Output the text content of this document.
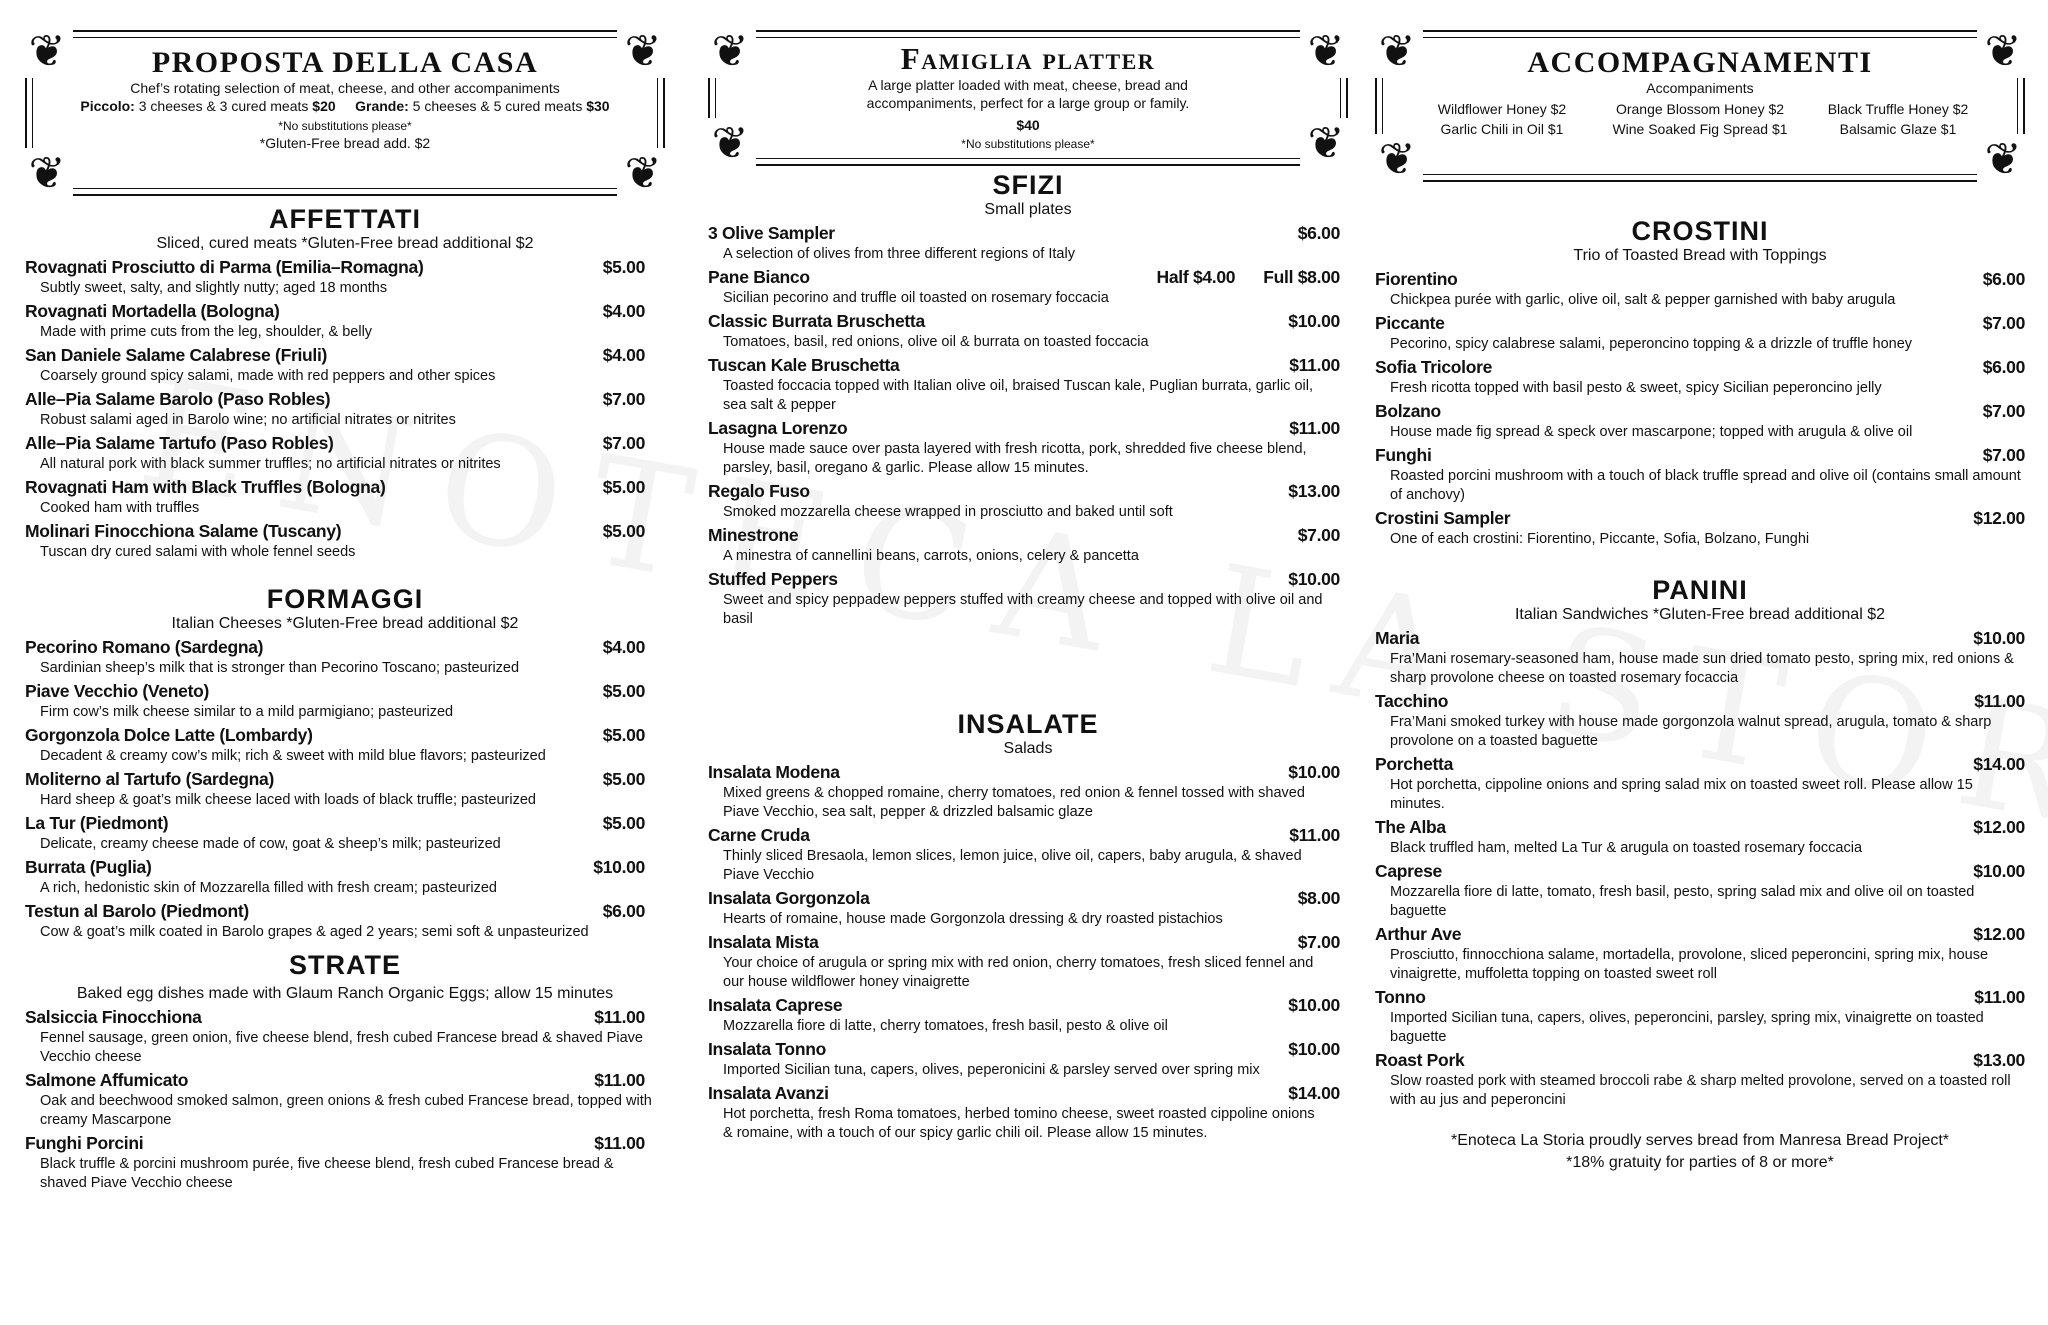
❦	❦
❦	❦
PROPOSTA DELLA CASA
Chef’s rotating selection of meat, cheese, and other accompaniments
Piccolo: 3 cheeses & 3 cured meats $20 Grande: 5 cheeses & 5 cured meats $30
*No substitutions please*
*Gluten-Free bread add. $2
AFFETTATI
Sliced, cured meats *Gluten-Free bread additional $2
Rovagnati Prosciutto di Parma (Emilia–Romagna)	$5.00
Subtly sweet, salty, and slightly nutty; aged 18 months
Rovagnati Mortadella (Bologna)	$4.00
Made with prime cuts from the leg, shoulder, & belly
San Daniele Salame Calabrese (Friuli)	$4.00
Coarsely ground spicy salami, made with red peppers and other spices
Alle–Pia Salame Barolo (Paso Robles)	$7.00
Robust salami aged in Barolo wine; no artificial nitrates or nitrites
Alle–Pia Salame Tartufo (Paso Robles)	$7.00
All natural pork with black summer truffles; no artificial nitrates or nitrites
Rovagnati Ham with Black Truffles (Bologna)	$5.00
Cooked ham with truffles
Molinari Finocchiona Salame (Tuscany)	$5.00
Tuscan dry cured salami with whole fennel seeds
FORMAGGI
Italian Cheeses *Gluten-Free bread additional $2
Pecorino Romano (Sardegna)	$4.00
Sardinian sheep’s milk that is stronger than Pecorino Toscano; pasteurized
Piave Vecchio (Veneto)	$5.00
Firm cow’s milk cheese similar to a mild parmigiano; pasteurized
Gorgonzola Dolce Latte (Lombardy)	$5.00
Decadent & creamy cow’s milk; rich & sweet with mild blue flavors; pasteurized
Moliterno al Tartufo (Sardegna)	$5.00
Hard sheep & goat’s milk cheese laced with loads of black truffle; pasteurized
La Tur (Piedmont)	$5.00
Delicate, creamy cheese made of cow, goat & sheep’s milk; pasteurized
Burrata (Puglia)	$10.00
A rich, hedonistic skin of Mozzarella filled with fresh cream; pasteurized
Testun al Barolo (Piedmont)	$6.00
Cow & goat’s milk coated in Barolo grapes & aged 2 years; semi soft & unpasteurized
STRATE
Baked egg dishes made with Glaum Ranch Organic Eggs; allow 15 minutes
Salsiccia Finocchiona	$11.00
Fennel sausage, green onion, five cheese blend, fresh cubed Francese bread & shaved Piave Vecchio cheese
Salmone Affumicato	$11.00
Oak and beechwood smoked salmon, green onions & fresh cubed Francese bread, topped with creamy Mascarpone
Funghi Porcini	$11.00
Black truffle & porcini mushroom purée, five cheese blend, fresh cubed Francese bread & shaved Piave Vecchio cheese
❦	❦
❦	❦
Famiglia platter
A large platter loaded with meat, cheese, bread and
accompaniments, perfect for a large group or family.
$40
*No substitutions please*
SFIZI
Small plates
3 Olive Sampler	$6.00
A selection of olives from three different regions of Italy
Pane Bianco	Half $4.00 Full $8.00
Sicilian pecorino and truffle oil toasted on rosemary foccacia
Classic Burrata Bruschetta	$10.00
Tomatoes, basil, red onions, olive oil & burrata on toasted foccacia
Tuscan Kale Bruschetta	$11.00
Toasted foccacia topped with Italian olive oil, braised Tuscan kale, Puglian burrata, garlic oil, sea salt & pepper
Lasagna Lorenzo	$11.00
House made sauce over pasta layered with fresh ricotta, pork, shredded five cheese blend, parsley, basil, oregano & garlic. Please allow 15 minutes.
Regalo Fuso	$13.00
Smoked mozzarella cheese wrapped in prosciutto and baked until soft
Minestrone	$7.00
A minestra of cannellini beans, carrots, onions, celery & pancetta
Stuffed Peppers	$10.00
Sweet and spicy peppadew peppers stuffed with creamy cheese and topped with olive oil and basil
INSALATE
Salads
Insalata Modena	$10.00
Mixed greens & chopped romaine, cherry tomatoes, red onion & fennel tossed with shaved Piave Vecchio, sea salt, pepper & drizzled balsamic glaze
Carne Cruda	$11.00
Thinly sliced Bresaola, lemon slices, lemon juice, olive oil, capers, baby arugula, & shaved Piave Vecchio
Insalata Gorgonzola	$8.00
Hearts of romaine, house made Gorgonzola dressing & dry roasted pistachios
Insalata Mista	$7.00
Your choice of arugula or spring mix with red onion, cherry tomatoes, fresh sliced fennel and our house wildflower honey vinaigrette
Insalata Caprese	$10.00
Mozzarella fiore di latte, cherry tomatoes, fresh basil, pesto & olive oil
Insalata Tonno	$10.00
Imported Sicilian tuna, capers, olives, peperonicini & parsley served over spring mix
Insalata Avanzi	$14.00
Hot porchetta, fresh Roma tomatoes, herbed tomino cheese, sweet roasted cippoline onions & romaine, with a touch of our spicy garlic chili oil. Please allow 15 minutes.
❦	❦
❦	❦
ACCOMPAGNAMENTI
Accompaniments
Wildflower Honey $2	Orange Blossom Honey $2	Black Truffle Honey $2
Garlic Chili in Oil $1	Wine Soaked Fig Spread $1	Balsamic Glaze $1
CROSTINI
Trio of Toasted Bread with Toppings
Fiorentino	$6.00
Chickpea purée with garlic, olive oil, salt & pepper garnished with baby arugula
Piccante	$7.00
Pecorino, spicy calabrese salami, peperoncino topping & a drizzle of truffle honey
Sofia Tricolore	$6.00
Fresh ricotta topped with basil pesto & sweet, spicy Sicilian peperoncino jelly
Bolzano	$7.00
House made fig spread & speck over mascarpone; topped with arugula & olive oil
Funghi	$7.00
Roasted porcini mushroom with a touch of black truffle spread and olive oil (contains small amount of anchovy)
Crostini Sampler	$12.00
One of each crostini: Fiorentino, Piccante, Sofia, Bolzano, Funghi
PANINI
Italian Sandwiches *Gluten-Free bread additional $2
Maria	$10.00
Fra’Mani rosemary-seasoned ham, house made sun dried tomato pesto, spring mix, red onions & sharp provolone cheese on toasted rosemary focaccia
Tacchino	$11.00
Fra’Mani smoked turkey with house made gorgonzola walnut spread, arugula, tomato & sharp provolone on a toasted baguette
Porchetta	$14.00
Hot porchetta, cippoline onions and spring salad mix on toasted sweet roll. Please allow 15 minutes.
The Alba	$12.00
Black truffled ham, melted La Tur & arugula on toasted rosemary foccacia
Caprese	$10.00
Mozzarella fiore di latte, tomato, fresh basil, pesto, spring salad mix and olive oil on toasted baguette
Arthur Ave	$12.00
Prosciutto, finnocchiona salame, mortadella, provolone, sliced peperoncini, spring mix, house vinaigrette, muffoletta topping on toasted sweet roll
Tonno	$11.00
Imported Sicilian tuna, capers, olives, peperoncini, parsley, spring mix, vinaigrette on toasted baguette
Roast Pork	$13.00
Slow roasted pork with steamed broccoli rabe & sharp melted provolone, served on a toasted roll with au jus and peperoncini
*Enoteca La Storia proudly serves bread from Manresa Bread Project*
*18% gratuity for parties of 8 or more*
